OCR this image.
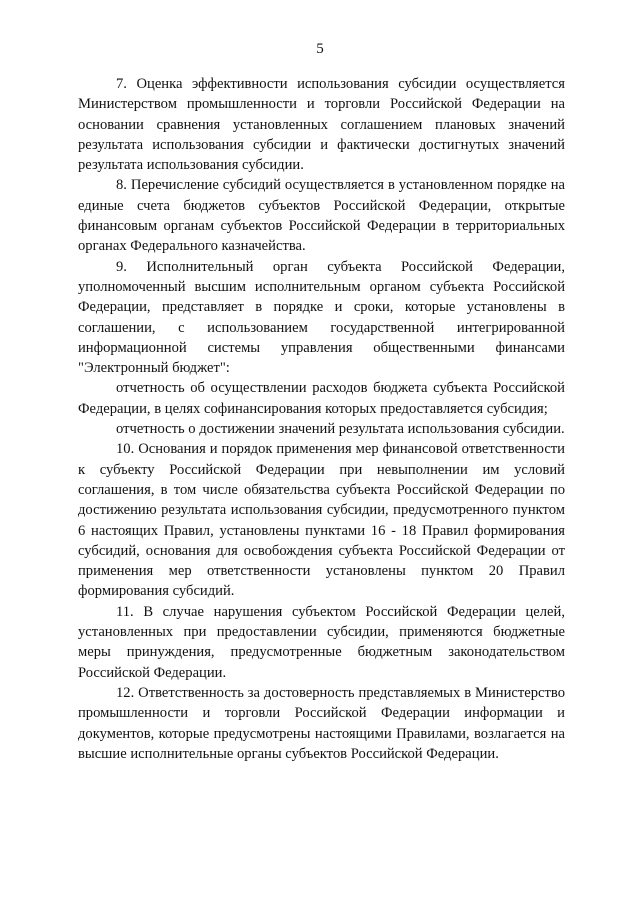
5

7. Оценка эффективности использования субсидии осуществляется Министерством промышленности и торговли Российской Федерации на основании сравнения установленных соглашением плановых значений результата использования субсидии и фактически достигнутых значений результата использования субсидии.

8. Перечисление субсидий осуществляется в установленном порядке на единые счета бюджетов субъектов Российской Федерации, открытые финансовым органам субъектов Российской Федерации в территориальных органах Федерального казначейства.

9. Исполнительный орган субъекта Российской Федерации, уполномоченный высшим исполнительным органом субъекта Российской Федерации, представляет в порядке и сроки, которые установлены в соглашении, с использованием государственной интегрированной информационной системы управления общественными финансами "Электронный бюджет":

отчетность об осуществлении расходов бюджета субъекта Российской Федерации, в целях софинансирования которых предоставляется субсидия;

отчетность о достижении значений результата использования субсидии.

10. Основания и порядок применения мер финансовой ответственности к субъекту Российской Федерации при невыполнении им условий соглашения, в том числе обязательства субъекта Российской Федерации по достижению результата использования субсидии, предусмотренного пунктом 6 настоящих Правил, установлены пунктами 16 - 18 Правил формирования субсидий, основания для освобождения субъекта Российской Федерации от применения мер ответственности установлены пунктом 20 Правил формирования субсидий.

11. В случае нарушения субъектом Российской Федерации целей, установленных при предоставлении субсидии, применяются бюджетные меры принуждения, предусмотренные бюджетным законодательством Российской Федерации.

12. Ответственность за достоверность представляемых в Министерство промышленности и торговли Российской Федерации информации и документов, которые предусмотрены настоящими Правилами, возлагается на высшие исполнительные органы субъектов Российской Федерации.
